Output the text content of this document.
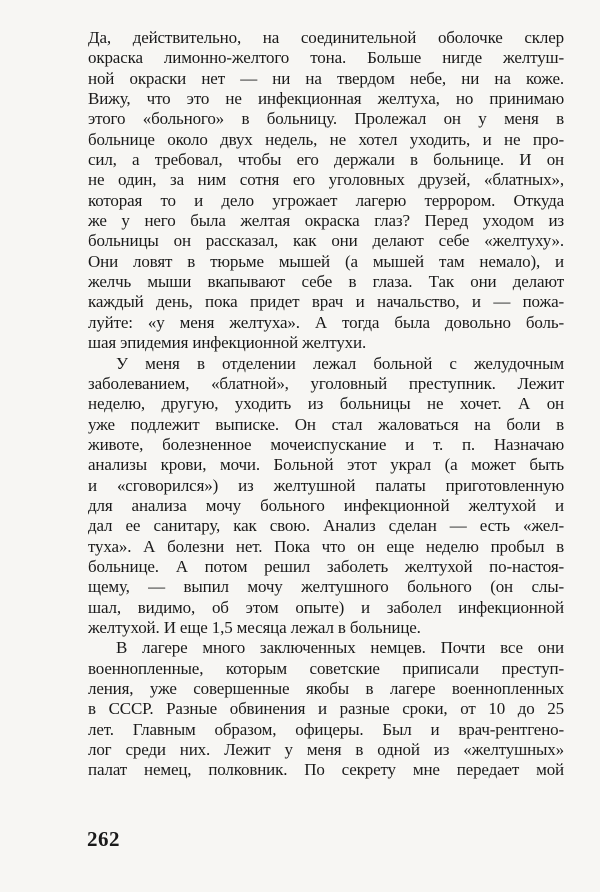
Да, действительно, на соединительной оболочке склер
окраска лимонно-желтого тона. Больше нигде желтуш-
ной окраски нет — ни на твердом небе, ни на коже.
Вижу, что это не инфекционная желтуха, но принимаю
этого «больного» в больницу. Пролежал он у меня в
больнице около двух недель, не хотел уходить, и не про-
сил, а требовал, чтобы его держали в больнице. И он
не один, за ним сотня его уголовных друзей, «блатных»,
которая то и дело угрожает лагерю террором. Откуда
же у него была желтая окраска глаз? Перед уходом из
больницы он рассказал, как они делают себе «желтуху».
Они ловят в тюрьме мышей (а мышей там немало), и
желчь мыши вкапывают себе в глаза. Так они делают
каждый день, пока придет врач и начальство, и — пожа-
луйте: «у меня желтуха». А тогда была довольно боль-
шая эпидемия инфекционной желтухи.
У меня в отделении лежал больной с желудочным
заболеванием, «блатной», уголовный преступник. Лежит
неделю, другую, уходить из больницы не хочет. А он
уже подлежит выписке. Он стал жаловаться на боли в
животе, болезненное мочеиспускание и т. п. Назначаю
анализы крови, мочи. Больной этот украл (а может быть
и «сговорился») из желтушной палаты приготовленную
для анализа мочу больного инфекционной желтухой и
дал ее санитару, как свою. Анализ сделан — есть «жел-
туха». А болезни нет. Пока что он еще неделю пробыл в
больнице. А потом решил заболеть желтухой по-настоя-
щему, — выпил мочу желтушного больного (он слы-
шал, видимо, об этом опыте) и заболел инфекционной
желтухой. И еще 1,5 месяца лежал в больнице.
В лагере много заключенных немцев. Почти все они
военнопленные, которым советские приписали преступ-
ления, уже совершенные якобы в лагере военнопленных
в СССР. Разные обвинения и разные сроки, от 10 до 25
лет. Главным образом, офицеры. Был и врач-рентгено-
лог среди них. Лежит у меня в одной из «желтушных»
палат немец, полковник. По секрету мне передает мой
262
